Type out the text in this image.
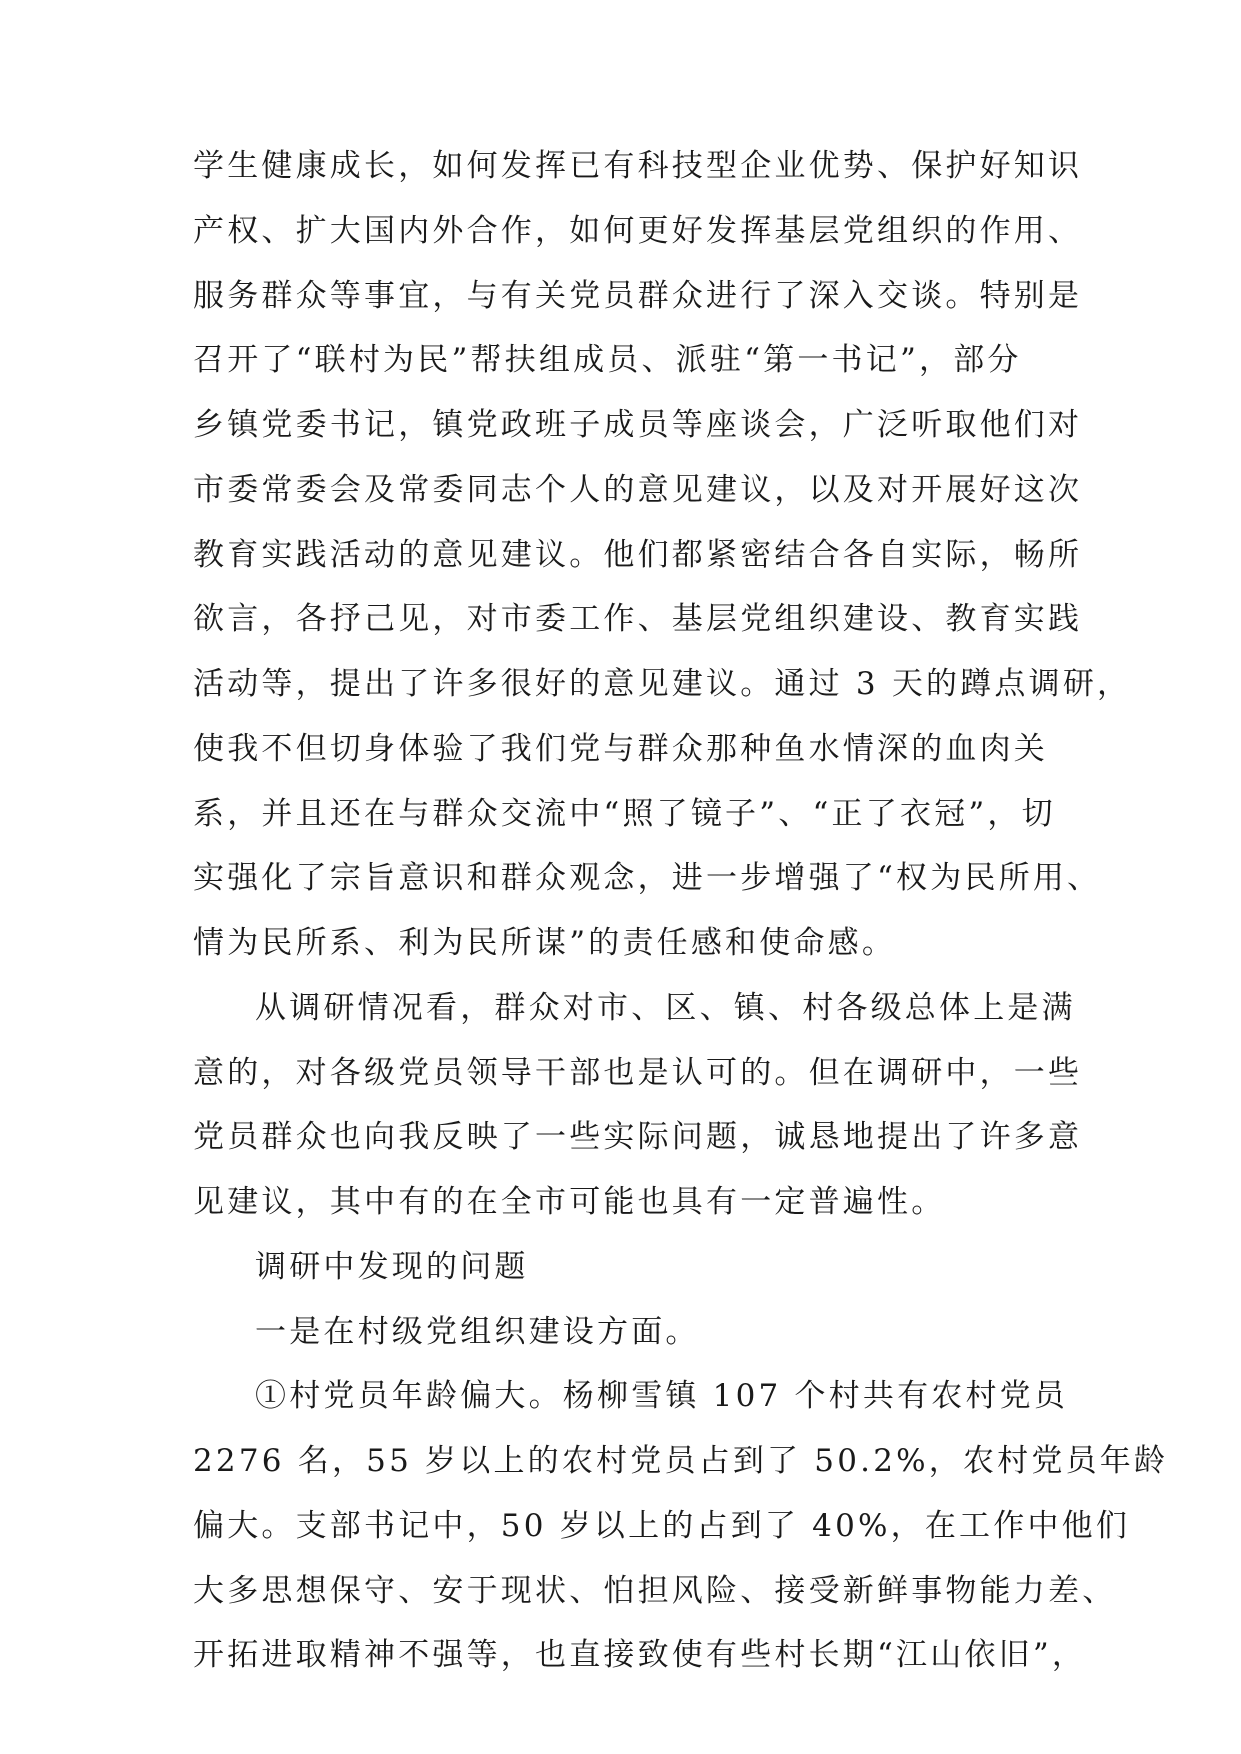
学生健康成长，如何发挥已有科技型企业优势、保护好知识
产权、扩大国内外合作，如何更好发挥基层党组织的作用、
服务群众等事宜，与有关党员群众进行了深入交谈。特别是
召开了“联村为民”帮扶组成员、派驻“第一书记”，部分
乡镇党委书记，镇党政班子成员等座谈会，广泛听取他们对
市委常委会及常委同志个人的意见建议，以及对开展好这次
教育实践活动的意见建议。他们都紧密结合各自实际，畅所
欲言，各抒己见，对市委工作、基层党组织建设、教育实践
活动等，提出了许多很好的意见建议。通过 3 天的蹲点调研，
使我不但切身体验了我们党与群众那种鱼水情深的血肉关
系，并且还在与群众交流中“照了镜子”、“正了衣冠”，切
实强化了宗旨意识和群众观念，进一步增强了“权为民所用、
情为民所系、利为民所谋”的责任感和使命感。
从调研情况看，群众对市、区、镇、村各级总体上是满
意的，对各级党员领导干部也是认可的。但在调研中，一些
党员群众也向我反映了一些实际问题，诚恳地提出了许多意
见建议，其中有的在全市可能也具有一定普遍性。
调研中发现的问题
一是在村级党组织建设方面。
①村党员年龄偏大。杨柳雪镇 107 个村共有农村党员
2276 名，55 岁以上的农村党员占到了 50.2%，农村党员年龄
偏大。支部书记中，50 岁以上的占到了 40%，在工作中他们
大多思想保守、安于现状、怕担风险、接受新鲜事物能力差、
开拓进取精神不强等，也直接致使有些村长期“江山依旧”，
